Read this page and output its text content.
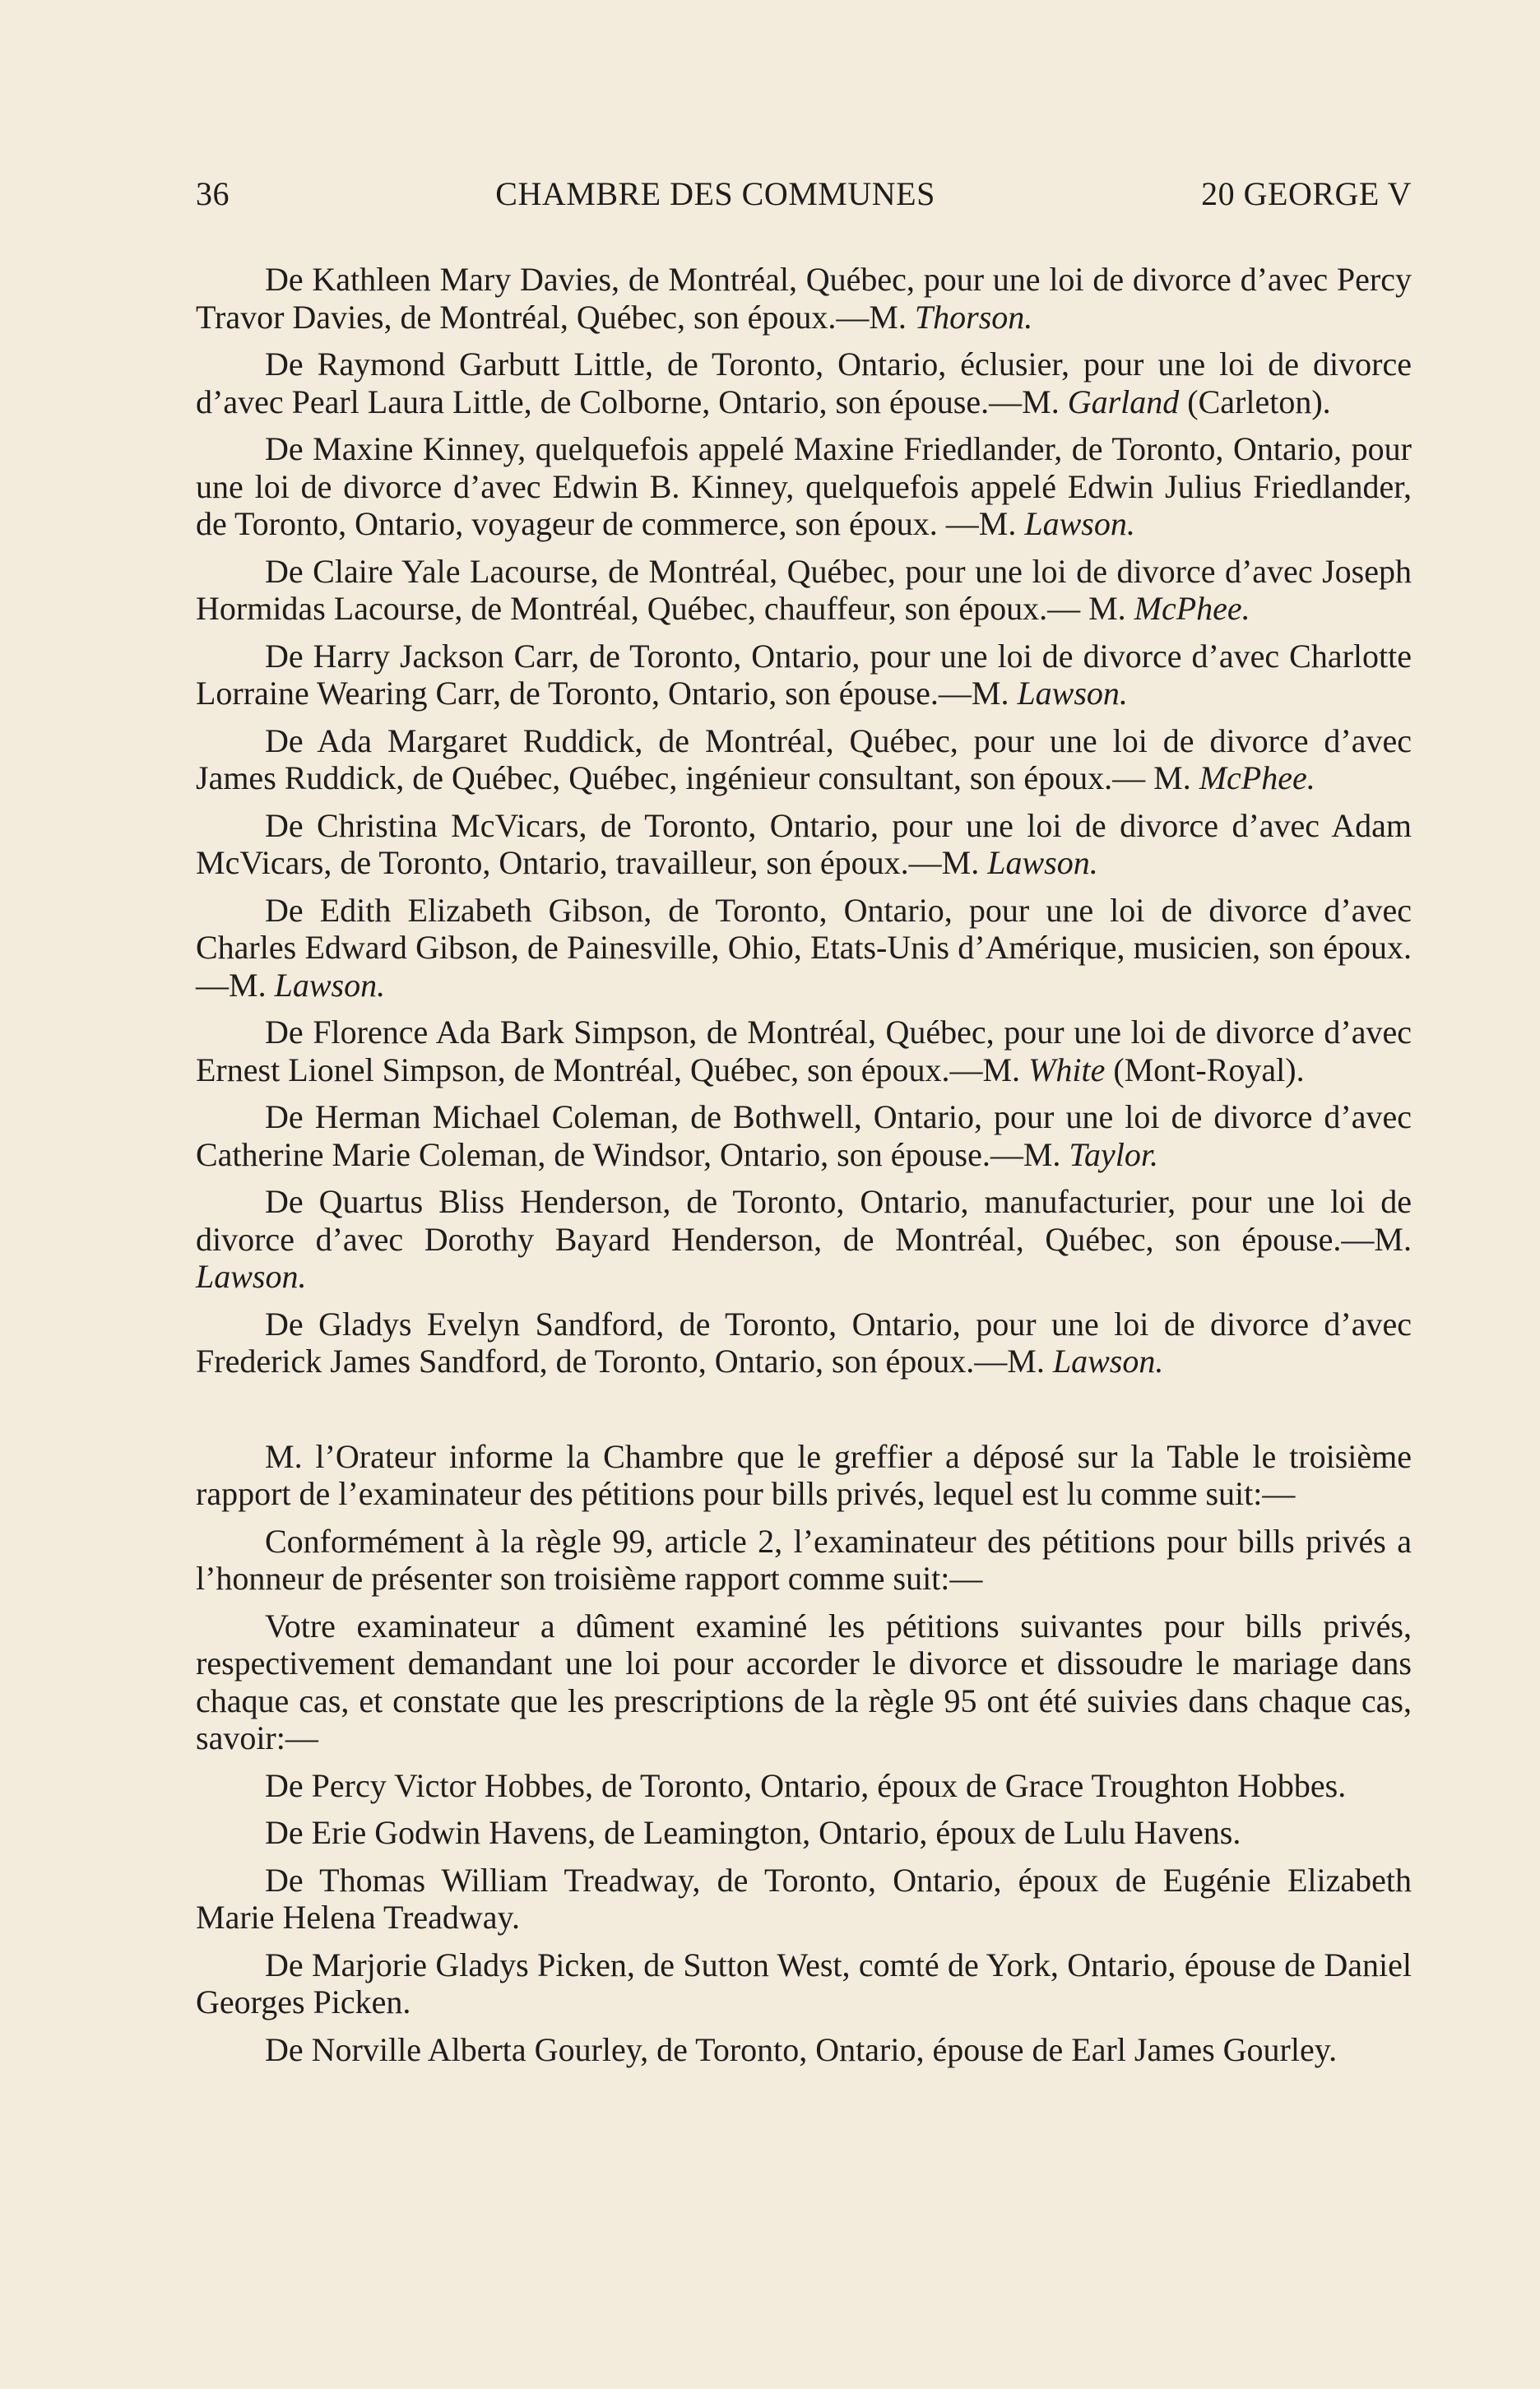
36	CHAMBRE DES COMMUNES	20 GEORGE V

De Kathleen Mary Davies, de Montréal, Québec, pour une loi de divorce d’avec Percy Travor Davies, de Montréal, Québec, son époux.—M. Thorson.

De Raymond Garbutt Little, de Toronto, Ontario, éclusier, pour une loi de divorce d’avec Pearl Laura Little, de Colborne, Ontario, son épouse.—M. Garland (Carleton).

De Maxine Kinney, quelquefois appelé Maxine Friedlander, de Toronto, Ontario, pour une loi de divorce d’avec Edwin B. Kinney, quelquefois appelé Edwin Julius Friedlander, de Toronto, Ontario, voyageur de commerce, son époux. —M. Lawson.

De Claire Yale Lacourse, de Montréal, Québec, pour une loi de divorce d’avec Joseph Hormidas Lacourse, de Montréal, Québec, chauffeur, son époux.— M. McPhee.

De Harry Jackson Carr, de Toronto, Ontario, pour une loi de divorce d’avec Charlotte Lorraine Wearing Carr, de Toronto, Ontario, son épouse.—M. Lawson.

De Ada Margaret Ruddick, de Montréal, Québec, pour une loi de divorce d’avec James Ruddick, de Québec, Québec, ingénieur consultant, son époux.— M. McPhee.

De Christina McVicars, de Toronto, Ontario, pour une loi de divorce d’avec Adam McVicars, de Toronto, Ontario, travailleur, son époux.—M. Lawson.

De Edith Elizabeth Gibson, de Toronto, Ontario, pour une loi de divorce d’avec Charles Edward Gibson, de Painesville, Ohio, Etats-Unis d’Amérique, musicien, son époux.—M. Lawson.

De Florence Ada Bark Simpson, de Montréal, Québec, pour une loi de divorce d’avec Ernest Lionel Simpson, de Montréal, Québec, son époux.—M. White (Mont-Royal).

De Herman Michael Coleman, de Bothwell, Ontario, pour une loi de divorce d’avec Catherine Marie Coleman, de Windsor, Ontario, son épouse.—M. Taylor.

De Quartus Bliss Henderson, de Toronto, Ontario, manufacturier, pour une loi de divorce d’avec Dorothy Bayard Henderson, de Montréal, Québec, son épouse.—M. Lawson.

De Gladys Evelyn Sandford, de Toronto, Ontario, pour une loi de divorce d’avec Frederick James Sandford, de Toronto, Ontario, son époux.—M. Lawson.

M. l’Orateur informe la Chambre que le greffier a déposé sur la Table le troisième rapport de l’examinateur des pétitions pour bills privés, lequel est lu comme suit:—

Conformément à la règle 99, article 2, l’examinateur des pétitions pour bills privés a l’honneur de présenter son troisième rapport comme suit:—

Votre examinateur a dûment examiné les pétitions suivantes pour bills privés, respectivement demandant une loi pour accorder le divorce et dissoudre le mariage dans chaque cas, et constate que les prescriptions de la règle 95 ont été suivies dans chaque cas, savoir:—

De Percy Victor Hobbes, de Toronto, Ontario, époux de Grace Troughton Hobbes.

De Erie Godwin Havens, de Leamington, Ontario, époux de Lulu Havens.

De Thomas William Treadway, de Toronto, Ontario, époux de Eugénie Elizabeth Marie Helena Treadway.

De Marjorie Gladys Picken, de Sutton West, comté de York, Ontario, épouse de Daniel Georges Picken.

De Norville Alberta Gourley, de Toronto, Ontario, épouse de Earl James Gourley.
